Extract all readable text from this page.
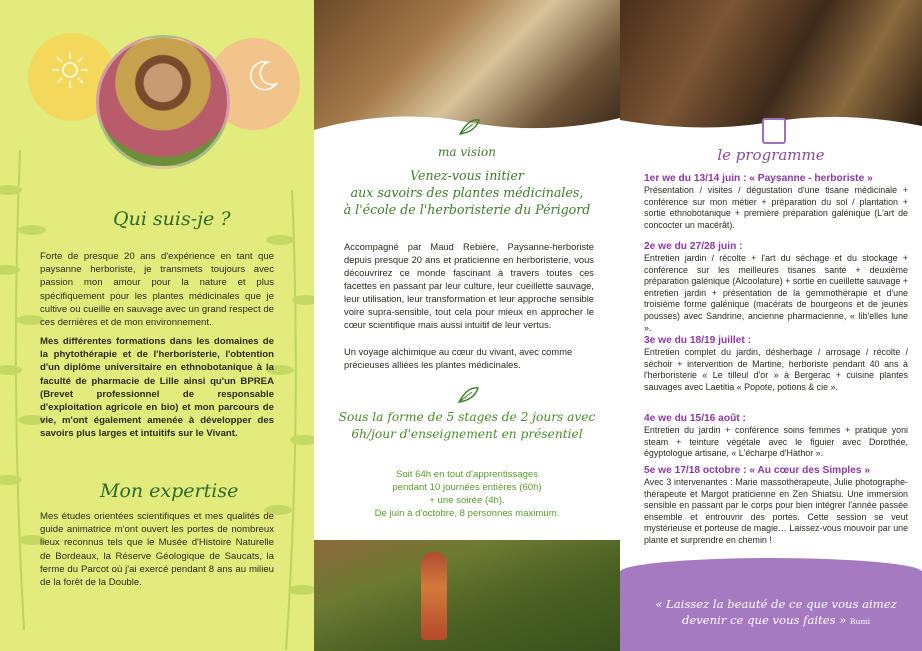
Qui suis-je ?
Forte de presque 20 ans d'expérience en tant que paysanne herboriste, je transmets toujours avec passion mon amour pour la nature et plus spécifiquement pour les plantes médicinales que je cultive ou cueille en sauvage avec un grand respect de ces dernières et de mon environnement.
Mes différentes formations dans les domaines de la phytothérapie et de l'herboristerie, l'obtention d'un diplôme universitaire en ethnobotanique à la faculté de pharmacie de Lille ainsi qu'un BPREA (Brevet professionnel de responsable d'exploitation agricole en bio) et mon parcours de vie, m'ont également amenée à développer des savoirs plus larges et intuitifs sur le Vivant.
Mon expertise
Mes études orientées scientifiques et mes qualités de guide animatrice m'ont ouvert les portes de nombreux lieux reconnus tels que le Musée d'Histoire Naturelle de Bordeaux, la Réserve Géologique de Saucats, la ferme du Parcot où j'ai exercé pendant 8 ans au milieu de la forêt de la Double.
ma vision
Venez-vous initier
aux savoirs des plantes médicinales,
à l'école de l'herboristerie du Périgord
Accompagné par Maud Rebière, Paysanne-herboriste depuis presque 20 ans et praticienne en herboristerie, vous découvrirez ce monde fascinant à travers toutes ces facettes en passant par leur culture, leur cueillette sauvage, leur utilisation, leur transformation et leur approche sensible voire supra-sensible, tout cela pour mieux en approcher le cœur scientifique mais aussi intuitif de leur vertus.
Un voyage alchimique au cœur du vivant, avec comme précieuses alliées les plantes médicinales.
Sous la forme de 5 stages de 2 jours avec
6h/jour d'enseignement en présentiel
Soit 64h en tout d'apprentissages
pendant 10 journées entières (60h)
+ une soirée (4h).
De juin à d'octobre, 8 personnes maximum.
le programme
1er we du 13/14 juin : « Paysanne - herboriste »
Présentation / visites / dégustation d'une tisane médicinale + conférence sur mon métier + préparation du sol / plantation + sortie ethnobotanique + première préparation galénique (L'art de concocter un macérât).
2e we du 27/28 juin :
Entretien jardin / récolte + l'art du séchage et du stockage + conférence sur les meilleures tisanes santé + deuxième préparation galénique (Alcoolature) + sortie en cueillette sauvage + entretien jardin + présentation de la gemmothérapie et d'une troisième forme galénique (macérats de bourgeons et de jeunes pousses) avec Sandrine, ancienne pharmacienne, « lib'elles lune ».
3e we du 18/19 juillet :
Entretien complet du jardin, désherbage / arrosage / récolte / séchoir + intervention de Martine, herboriste pendant 40 ans à l'herboristerie « Le tilleul d'or » à Bergerac + cuisine plantes sauvages avec Laetitia « Popote, potions & cie ».
4e we du 15/16 août :
Entretien du jardin + conférence soins femmes + pratique yoni steam + teinture végétale avec le figuier avec Dorothée, égyptologue artisane, « L'écharpe d'Hathor ».
5e we 17/18 octobre : « Au cœur des Simples »
Avec 3 intervenantes : Marie massothérapeute, Julie photographe-thérapeute et Margot praticienne en Zen Shiatsu. Une immersion sensible en passant par le corps pour bien intégrer l'année passée ensemble et entrouvrir des portes. Cette session se veut mystérieuse et porteuse de magie… Laissez-vous mouvoir par une plante et surprendre en chemin !
« Laissez la beauté de ce que vous aimez
devenir ce que vous faites » Rumi
